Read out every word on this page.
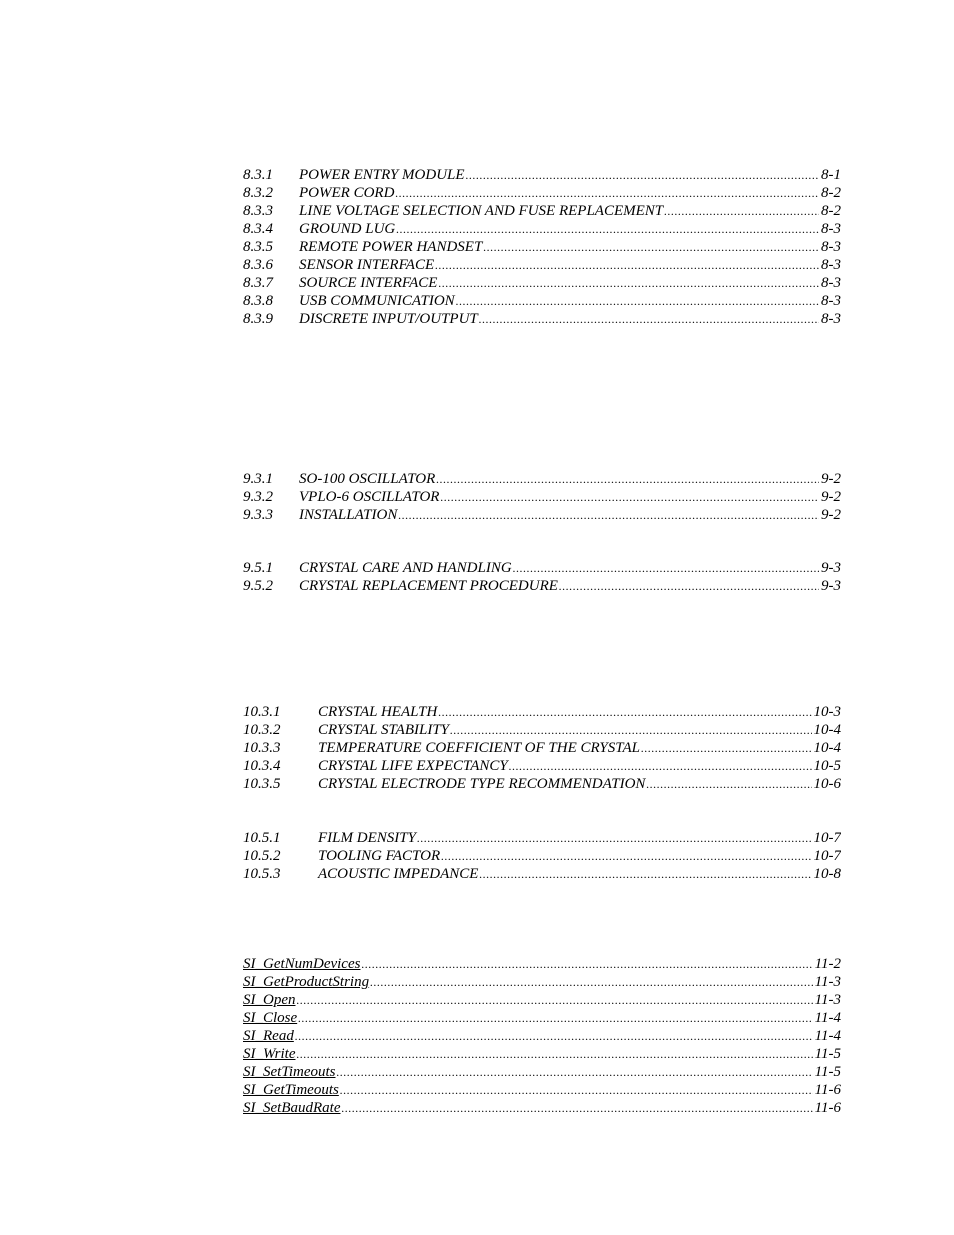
8.3.1	POWER ENTRY MODULE .....	8-1
8.3.2	POWER CORD .....	8-2
8.3.3	LINE VOLTAGE SELECTION AND FUSE REPLACEMENT .....	8-2
8.3.4	GROUND LUG .....	8-3
8.3.5	REMOTE POWER HANDSET .....	8-3
8.3.6	SENSOR INTERFACE .....	8-3
8.3.7	SOURCE INTERFACE .....	8-3
8.3.8	USB COMMUNICATION .....	8-3
8.3.9	DISCRETE INPUT/OUTPUT .....	8-3
9.3.1	SO-100 OSCILLATOR .....	9-2
9.3.2	VPLO-6 OSCILLATOR .....	9-2
9.3.3	INSTALLATION .....	9-2
9.5.1	CRYSTAL CARE AND HANDLING .....	9-3
9.5.2	CRYSTAL REPLACEMENT PROCEDURE .....	9-3
10.3.1	CRYSTAL HEALTH .....	10-3
10.3.2	CRYSTAL STABILITY .....	10-4
10.3.3	TEMPERATURE COEFFICIENT OF THE CRYSTAL .....	10-4
10.3.4	CRYSTAL LIFE EXPECTANCY .....	10-5
10.3.5	CRYSTAL ELECTRODE TYPE RECOMMENDATION .....	10-6
10.5.1	FILM DENSITY .....	10-7
10.5.2	TOOLING FACTOR .....	10-7
10.5.3	ACOUSTIC IMPEDANCE .....	10-8
SI_GetNumDevices .....	11-2
SI_GetProductString .....	11-3
SI_Open .....	11-3
SI_Close .....	11-4
SI_Read .....	11-4
SI_Write .....	11-5
SI_SetTimeouts .....	11-5
SI_GetTimeouts .....	11-6
SI_SetBaudRate .....	11-6
